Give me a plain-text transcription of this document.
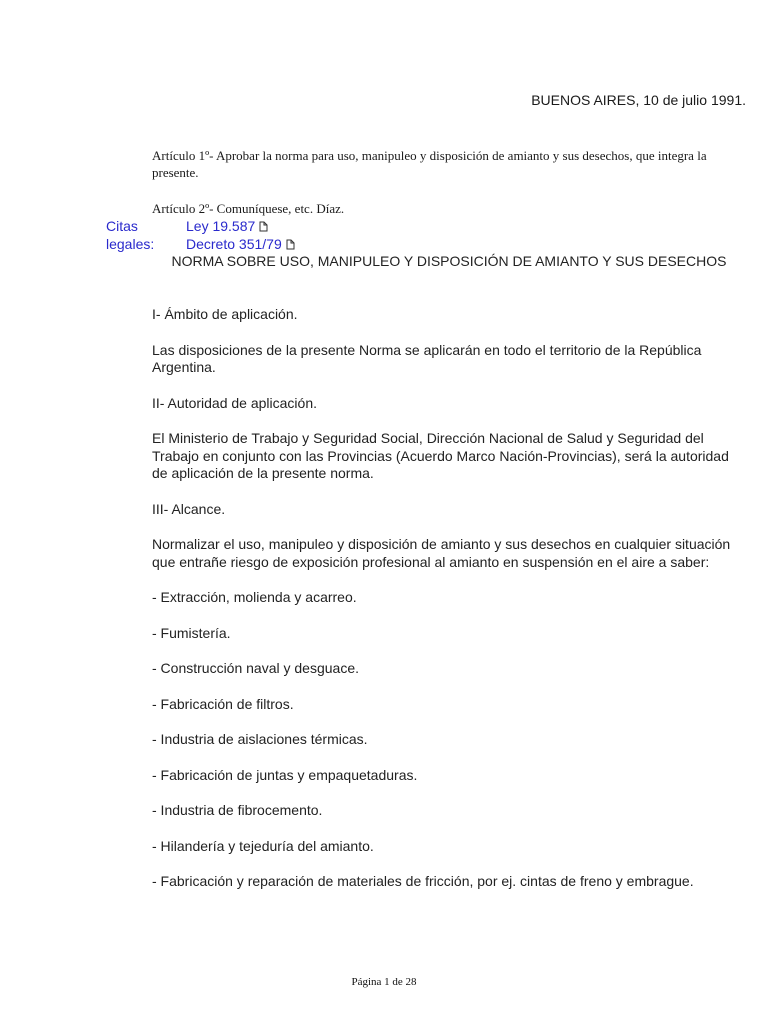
BUENOS AIRES, 10 de julio 1991.
Artículo 1º- Aprobar la norma para uso, manipuleo y disposición de amianto y sus desechos, que integra la presente.
Artículo 2º- Comuníquese, etc. Díaz.
Citas	Ley 19.587
legales: Decreto 351/79
NORMA SOBRE USO, MANIPULEO Y DISPOSICIÓN DE AMIANTO Y SUS DESECHOS

I- Ámbito de aplicación.

Las disposiciones de la presente Norma se aplicarán en todo el territorio de la República Argentina.

II- Autoridad de aplicación.

El Ministerio de Trabajo y Seguridad Social, Dirección Nacional de Salud y Seguridad del Trabajo en conjunto con las Provincias (Acuerdo Marco Nación-Provincias), será la autoridad de aplicación de la presente norma.

III- Alcance.

Normalizar el uso, manipuleo y disposición de amianto y sus desechos en cualquier situación que entrañe riesgo de exposición profesional al amianto en suspensión en el aire a saber:

- Extracción, molienda y acarreo.

- Fumistería.

- Construcción naval y desguace.

- Fabricación de filtros.

- Industria de aislaciones térmicas.

- Fabricación de juntas y empaquetaduras.

- Industria de fibrocemento.

- Hilandería y tejeduría del amianto.

- Fabricación y reparación de materiales de fricción, por ej. cintas de freno y embrague.

Página 1 de 28
